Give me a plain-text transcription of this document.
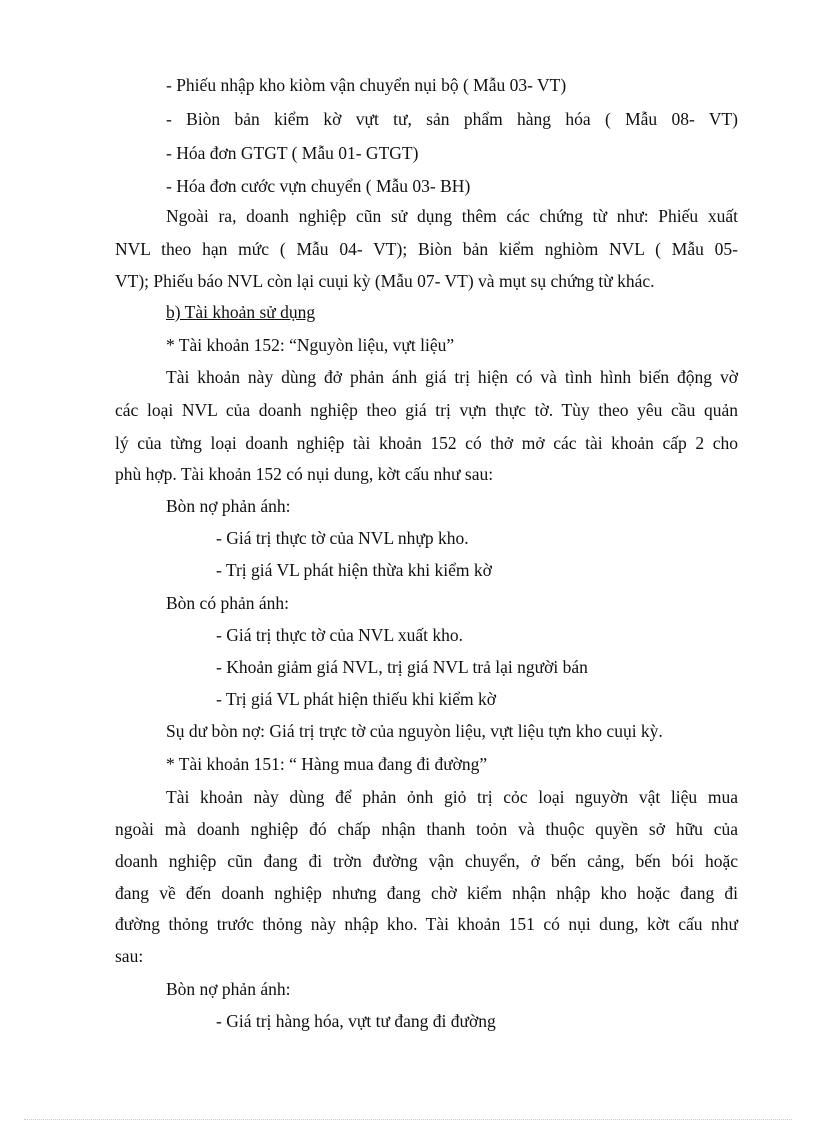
- Phiếu nhập kho kiòm vận chuyển nụi bộ ( Mẫu 03- VT)

- Biòn bản kiểm kờ vựt tư, sản phẩm hàng hóa ( Mẫu 08- VT)

- Hóa đơn GTGT ( Mẫu 01- GTGT)

- Hóa đơn cước vựn chuyển ( Mẫu 03- BH)

Ngoài ra, doanh nghiệp cũn sử dụng thêm các chứng từ như: Phiếu xuất

NVL theo hạn mức ( Mẫu 04- VT); Biòn bản kiểm nghiòm NVL ( Mẫu 05-

VT); Phiếu báo NVL còn lại cuụi kỳ (Mẫu 07- VT) và mụt sụ chứng từ khác.

b) Tài khoản sử dụng

* Tài khoản 152: “Nguyòn liệu, vựt liệu”

Tài khoản này dùng đở phản ánh giá trị hiện có và tình hình biến động vờ

các loại NVL của doanh nghiệp theo giá trị vựn thực tờ. Tùy theo yêu cầu quản

lý của từng loại doanh nghiệp tài khoản 152 có thở mở các tài khoản cấp 2 cho

phù hợp. Tài khoản 152 có nụi dung, kờt cấu như sau:

Bòn nợ phản ánh:

- Giá trị thực tờ của NVL nhựp kho.

- Trị giá VL phát hiện thừa khi kiểm kờ

Bòn có phản ánh:

- Giá trị thực tờ của NVL xuất kho.

- Khoản giảm giá NVL, trị giá NVL trả lại người bán

- Trị giá VL phát hiện thiếu khi kiểm kờ

Sụ dư bòn nợ: Giá trị trực tờ của nguyòn liệu, vựt liệu tựn kho cuụi kỳ.

* Tài khoản 151: “ Hàng mua đang đi đường”

Tài khoản này dùng để phản ỏnh giỏ trị cỏc loại nguyờn vật liệu mua

ngoài mà doanh nghiệp đó chấp nhận thanh toỏn và thuộc quyền sở hữu của

doanh nghiệp cũn đang đi trờn đường vận chuyển, ở bến cảng, bến bói hoặc

đang về đến doanh nghiệp nhưng đang chờ kiểm nhận nhập kho hoặc đang đi

đường thỏng trước thỏng này nhập kho. Tài khoản 151 có nụi dung, kờt cấu như

sau:

Bòn nợ phản ánh:

- Giá trị hàng hóa, vựt tư đang đi đường
